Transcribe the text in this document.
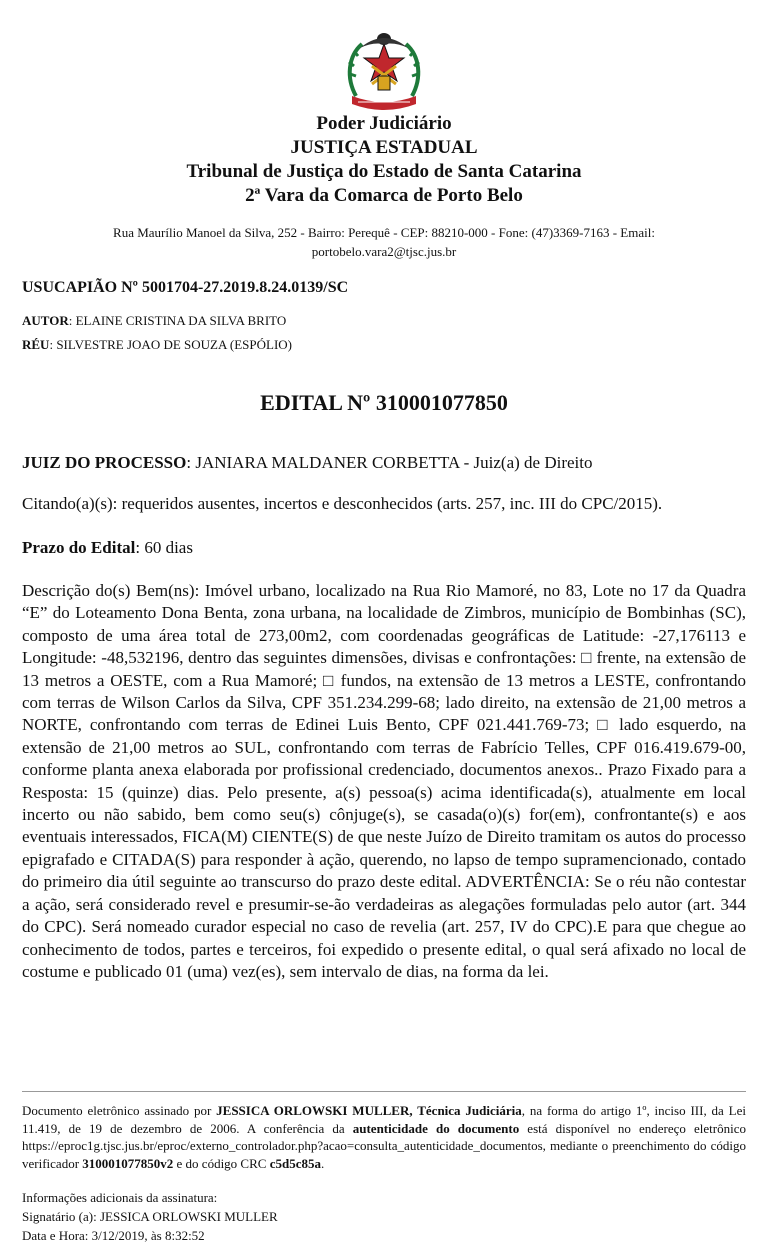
Poder Judiciário
JUSTIÇA ESTADUAL
Tribunal de Justiça do Estado de Santa Catarina
2ª Vara da Comarca de Porto Belo
Rua Maurílio Manoel da Silva, 252 - Bairro: Perequê - CEP: 88210-000 - Fone: (47)3369-7163 - Email:
portobelo.vara2@tjsc.jus.br
USUCAPIÃO Nº 5001704-27.2019.8.24.0139/SC
AUTOR: ELAINE CRISTINA DA SILVA BRITO
RÉU: SILVESTRE JOAO DE SOUZA (ESPÓLIO)
EDITAL Nº 310001077850
JUIZ DO PROCESSO: JANIARA MALDANER CORBETTA - Juiz(a) de Direito
Citando(a)(s): requeridos ausentes, incertos e desconhecidos (arts. 257, inc. III do CPC/2015).
Prazo do Edital: 60 dias

Descrição do(s) Bem(ns): Imóvel urbano, localizado na Rua Rio Mamoré, no 83, Lote no 17 da Quadra “E” do Loteamento Dona Benta, zona urbana, na localidade de Zimbros, município de Bombinhas (SC), composto de uma área total de 273,00m2, com coordenadas geográficas de Latitude: -27,176113 e Longitude: -48,532196, dentro das seguintes dimensões, divisas e confrontações: □ frente, na extensão de 13 metros a OESTE, com a Rua Mamoré; □ fundos, na extensão de 13 metros a LESTE, confrontando com terras de Wilson Carlos da Silva, CPF 351.234.299-68; lado direito, na extensão de 21,00 metros a NORTE, confrontando com terras de Edinei Luis Bento, CPF 021.441.769-73; □ lado esquerdo, na extensão de 21,00 metros ao SUL, confrontando com terras de Fabrício Telles, CPF 016.419.679-00, conforme planta anexa elaborada por profissional credenciado, documentos anexos.. Prazo Fixado para a Resposta: 15 (quinze) dias. Pelo presente, a(s) pessoa(s) acima identificada(s), atualmente em local incerto ou não sabido, bem como seu(s) cônjuge(s), se casada(o)(s) for(em), confrontante(s) e aos eventuais interessados, FICA(M) CIENTE(S) de que neste Juízo de Direito tramitam os autos do processo epigrafado e CITADA(S) para responder à ação, querendo, no lapso de tempo supramencionado, contado do primeiro dia útil seguinte ao transcurso do prazo deste edital. ADVERTÊNCIA: Se o réu não contestar a ação, será considerado revel e presumir-se-ão verdadeiras as alegações formuladas pelo autor (art. 344 do CPC). Será nomeado curador especial no caso de revelia (art. 257, IV do CPC).E para que chegue ao conhecimento de todos, partes e terceiros, foi expedido o presente edital, o qual será afixado no local de costume e publicado 01 (uma) vez(es), sem intervalo de dias, na forma da lei.

Documento eletrônico assinado por JESSICA ORLOWSKI MULLER, Técnica Judiciária, na forma do artigo 1º, inciso III, da Lei 11.419, de 19 de dezembro de 2006. A conferência da autenticidade do documento está disponível no endereço eletrônico https://eproc1g.tjsc.jus.br/eproc/externo_controlador.php?acao=consulta_autenticidade_documentos, mediante o preenchimento do código verificador 310001077850v2 e do código CRC c5d5c85a.

Informações adicionais da assinatura:
Signatário (a): JESSICA ORLOWSKI MULLER
Data e Hora: 3/12/2019, às 8:32:52
